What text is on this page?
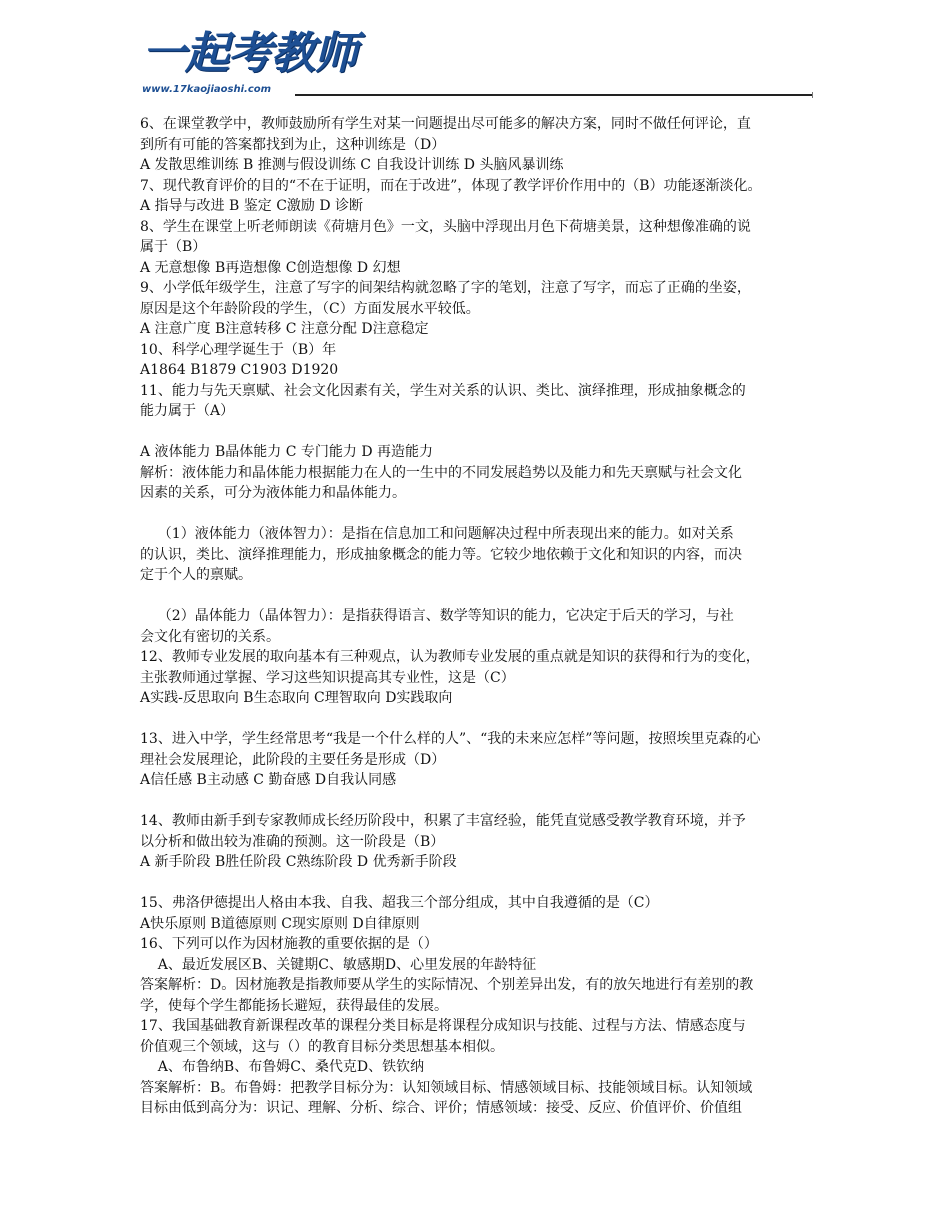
一起考教师
www.17kaojiaoshi.com

6、在课堂教学中，教师鼓励所有学生对某一问题提出尽可能多的解决方案，同时不做任何评论，直

到所有可能的答案都找到为止，这种训练是（D）

A 发散思维训练 B 推测与假设训练 C 自我设计训练 D 头脑风暴训练

7、现代教育评价的目的“不在于证明，而在于改进”，体现了教学评价作用中的（B）功能逐渐淡化。

A 指导与改进 B 鉴定 C激励 D 诊断

8、学生在课堂上听老师朗读《荷塘月色》一文，头脑中浮现出月色下荷塘美景，这种想像准确的说

属于（B）

A 无意想像 B再造想像 C创造想像 D 幻想

9、小学低年级学生，注意了写字的间架结构就忽略了字的笔划，注意了写字，而忘了正确的坐姿，

原因是这个年龄阶段的学生，（C）方面发展水平较低。

A 注意广度 B注意转移 C 注意分配 D注意稳定

10、科学心理学诞生于（B）年

A1864 B1879 C1903 D1920

11、能力与先天禀赋、社会文化因素有关，学生对关系的认识、类比、演绎推理，形成抽象概念的

能力属于（A）

A 液体能力 B晶体能力 C 专门能力 D 再造能力

解析：液体能力和晶体能力根据能力在人的一生中的不同发展趋势以及能力和先天禀赋与社会文化

因素的关系，可分为液体能力和晶体能力。

（1）液体能力（液体智力）：是指在信息加工和问题解决过程中所表现出来的能力。如对关系

的认识，类比、演绎推理能力，形成抽象概念的能力等。它较少地依赖于文化和知识的内容，而决

定于个人的禀赋。

（2）晶体能力（晶体智力）：是指获得语言、数学等知识的能力，它决定于后天的学习，与社

会文化有密切的关系。

12、教师专业发展的取向基本有三种观点，认为教师专业发展的重点就是知识的获得和行为的变化，

主张教师通过掌握、学习这些知识提高其专业性，这是（C）

A实践-反思取向 B生态取向 C理智取向 D实践取向

13、进入中学，学生经常思考“我是一个什么样的人”、“我的未来应怎样”等问题，按照埃里克森的心

理社会发展理论，此阶段的主要任务是形成（D）

A信任感 B主动感 C 勤奋感 D自我认同感

14、教师由新手到专家教师成长经历阶段中，积累了丰富经验，能凭直觉感受教学教育环境，并予

以分析和做出较为准确的预测。这一阶段是（B）

A 新手阶段 B胜任阶段 C熟练阶段 D 优秀新手阶段

15、弗洛伊德提出人格由本我、自我、超我三个部分组成，其中自我遵循的是（C）

A快乐原则 B道德原则 C现实原则 D自律原则

16、下列可以作为因材施教的重要依据的是（）

A、最近发展区B、关键期C、敏感期D、心里发展的年龄特征

答案解析：D。因材施教是指教师要从学生的实际情况、个别差异出发，有的放矢地进行有差别的教

学，使每个学生都能扬长避短，获得最佳的发展。

17、我国基础教育新课程改革的课程分类目标是将课程分成知识与技能、过程与方法、情感态度与

价值观三个领域，这与（）的教育目标分类思想基本相似。

A、布鲁纳B、布鲁姆C、桑代克D、铁钦纳

答案解析：B。布鲁姆：把教学目标分为：认知领域目标、情感领域目标、技能领域目标。认知领域

目标由低到高分为：识记、理解、分析、综合、评价；情感领域：接受、反应、价值评价、价值组
